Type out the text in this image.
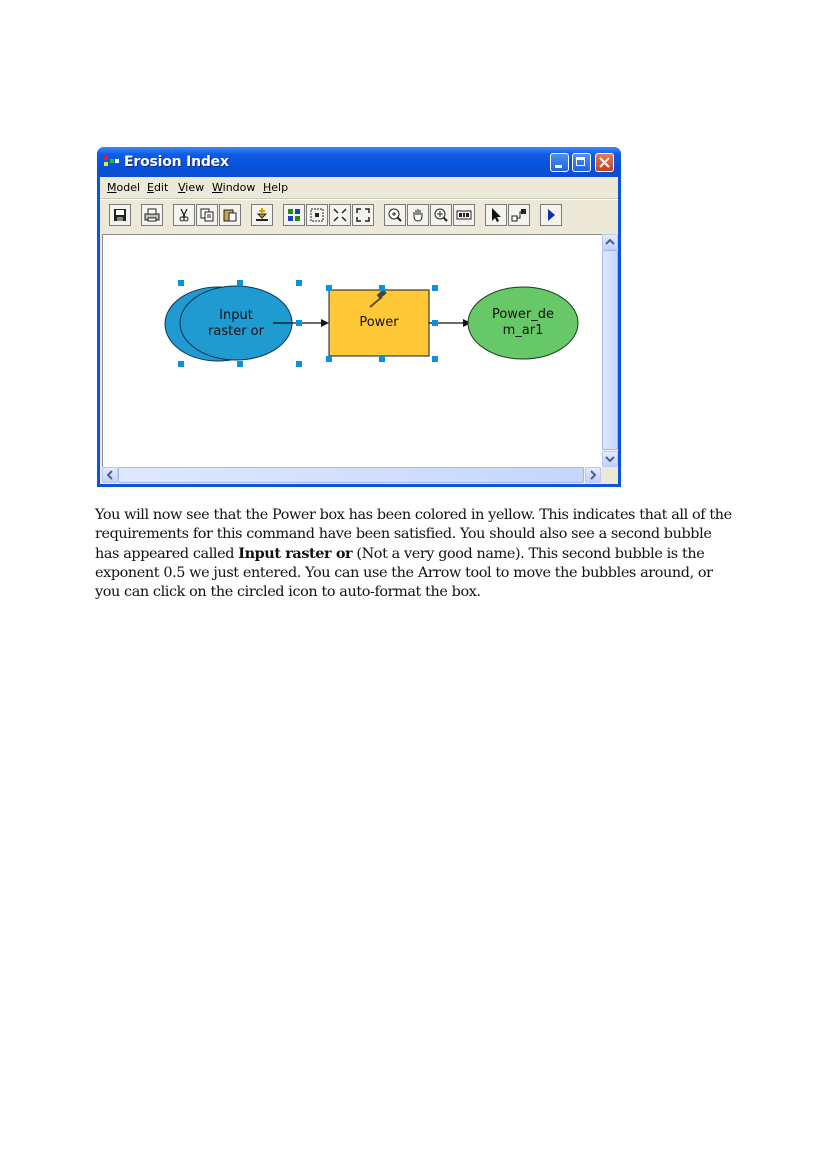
Erosion Index
Model Edit View Window Help
Input
raster or
Power
Power_de
m_ar1

You will now see that the Power box has been colored in yellow. This indicates that all of the requirements for this command have been satisfied. You should also see a second bubble has appeared called Input raster or (Not a very good name). This second bubble is the exponent 0.5 we just entered. You can use the Arrow tool to move the bubbles around, or you can click on the circled icon to auto-format the box.
